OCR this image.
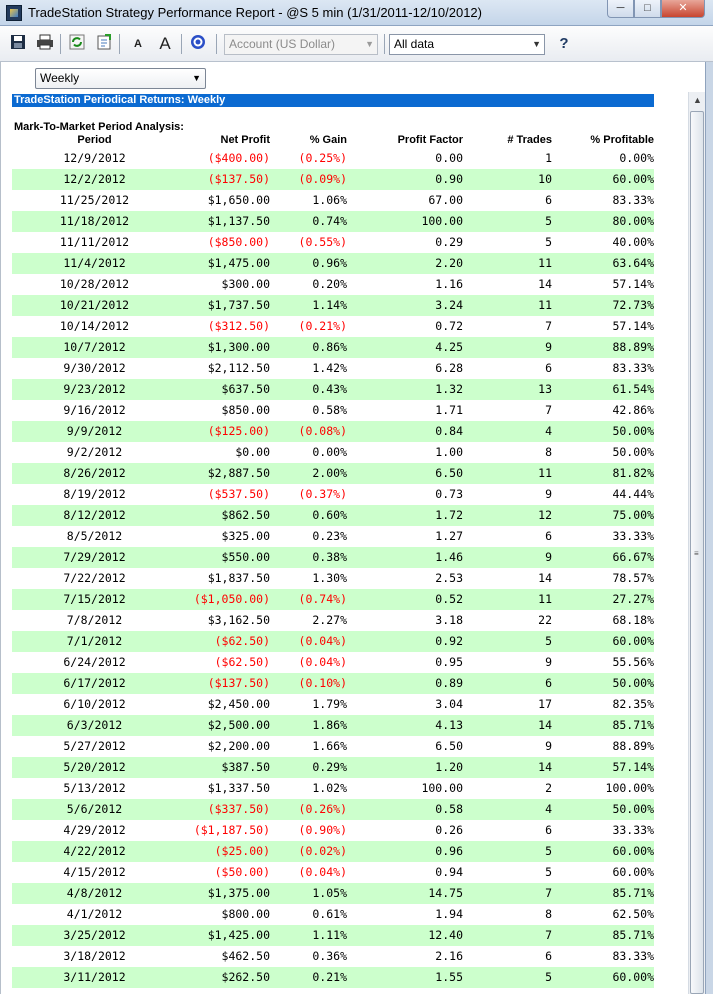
TradeStation Strategy Performance Report - @S 5 min (1/31/2011-12/10/2012)	─	□	✕
A	A	Account (US Dollar)	▼	All data	▼	?
Weekly	▼
TradeStation Periodical Returns: Weekly
Mark-To-Market Period Analysis:
Period	Net Profit	% Gain	Profit Factor	# Trades	% Profitable
12/9/2012	($400.00) (0.25%)	0.00	1	0.00%
12/2/2012	($137.50) (0.09%)	0.90	10	60.00%
11/25/2012	$1,650.00	1.06%	67.00	6	83.33%
11/18/2012	$1,137.50	0.74%	100.00	5	80.00%
11/11/2012	($850.00) (0.55%)	0.29	5	40.00%
11/4/2012	$1,475.00	0.96%	2.20	11	63.64%
10/28/2012	$300.00	0.20%	1.16	14	57.14%
10/21/2012	$1,737.50	1.14%	3.24	11	72.73%
10/14/2012	($312.50) (0.21%)	0.72	7	57.14%
10/7/2012	$1,300.00	0.86%	4.25	9	88.89%
9/30/2012	$2,112.50	1.42%	6.28	6	83.33%
9/23/2012	$637.50	0.43%	1.32	13	61.54%
9/16/2012	$850.00	0.58%	1.71	7	42.86%
9/9/2012	($125.00) (0.08%)	0.84	4	50.00%
9/2/2012	$0.00	0.00%	1.00	8	50.00%
8/26/2012	$2,887.50	2.00%	6.50	11	81.82%
8/19/2012	($537.50) (0.37%)	0.73	9	44.44%
8/12/2012	$862.50	0.60%	1.72	12	75.00%
8/5/2012	$325.00	0.23%	1.27	6	33.33%
7/29/2012	$550.00	0.38%	1.46	9	66.67%
7/22/2012	$1,837.50	1.30%	2.53	14	78.57%
7/15/2012	($1,050.00) (0.74%)	0.52	11	27.27%
7/8/2012	$3,162.50	2.27%	3.18	22	68.18%
7/1/2012	($62.50) (0.04%)	0.92	5	60.00%
6/24/2012	($62.50) (0.04%)	0.95	9	55.56%
6/17/2012	($137.50) (0.10%)	0.89	6	50.00%
6/10/2012	$2,450.00	1.79%	3.04	17	82.35%
6/3/2012	$2,500.00	1.86%	4.13	14	85.71%
5/27/2012	$2,200.00	1.66%	6.50	9	88.89%
5/20/2012	$387.50	0.29%	1.20	14	57.14%
5/13/2012	$1,337.50	1.02%	100.00	2	100.00%
5/6/2012	($337.50) (0.26%)	0.58	4	50.00%
4/29/2012	($1,187.50) (0.90%)	0.26	6	33.33%
4/22/2012	($25.00) (0.02%)	0.96	5	60.00%
4/15/2012	($50.00) (0.04%)	0.94	5	60.00%
4/8/2012	$1,375.00	1.05%	14.75	7	85.71%
4/1/2012	$800.00	0.61%	1.94	8	62.50%
3/25/2012	$1,425.00	1.11%	12.40	7	85.71%
3/18/2012	$462.50	0.36%	2.16	6	83.33%
3/11/2012	$262.50	0.21%	1.55	5	60.00%
▲
≡
